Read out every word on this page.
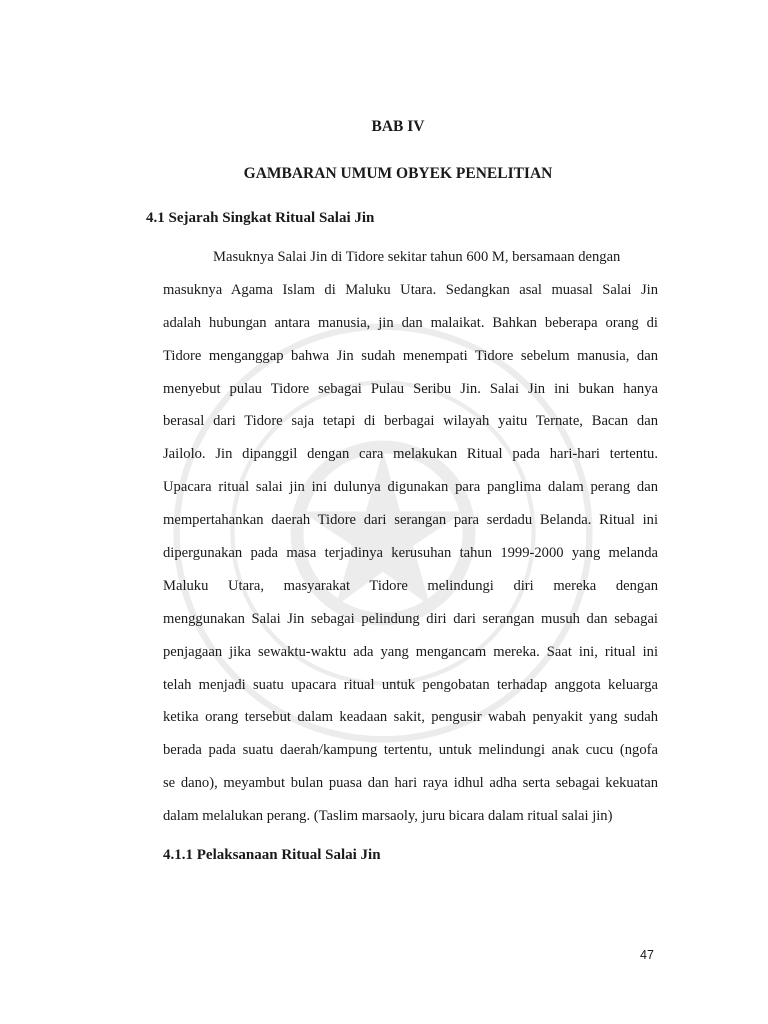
BAB IV
GAMBARAN UMUM OBYEK PENELITIAN
4.1 Sejarah Singkat Ritual Salai Jin
Masuknya Salai Jin di Tidore sekitar tahun 600 M, bersamaan dengan
masuknya Agama Islam di Maluku Utara. Sedangkan asal muasal Salai Jin
adalah hubungan antara manusia, jin dan malaikat. Bahkan beberapa orang di
Tidore menganggap bahwa Jin sudah menempati Tidore sebelum manusia, dan
menyebut pulau Tidore sebagai Pulau Seribu Jin. Salai Jin ini bukan hanya
berasal dari Tidore saja tetapi di berbagai wilayah yaitu Ternate, Bacan dan
Jailolo. Jin dipanggil dengan cara melakukan Ritual pada hari-hari tertentu.
Upacara ritual salai jin ini dulunya digunakan para panglima dalam perang dan
mempertahankan daerah Tidore dari serangan para serdadu Belanda. Ritual ini
dipergunakan pada masa terjadinya kerusuhan tahun 1999-2000 yang melanda
Maluku Utara, masyarakat Tidore melindungi diri mereka dengan
menggunakan Salai Jin sebagai pelindung diri dari serangan musuh dan sebagai
penjagaan jika sewaktu-waktu ada yang mengancam mereka. Saat ini, ritual ini
telah menjadi suatu upacara ritual untuk pengobatan terhadap anggota keluarga
ketika orang tersebut dalam keadaan sakit, pengusir wabah penyakit yang sudah
berada pada suatu daerah/kampung tertentu, untuk melindungi anak cucu (ngofa
se dano), meyambut bulan puasa dan hari raya idhul adha serta sebagai kekuatan
dalam melalukan perang. (Taslim marsaoly, juru bicara dalam ritual salai jin)
4.1.1 Pelaksanaan Ritual Salai Jin
47
